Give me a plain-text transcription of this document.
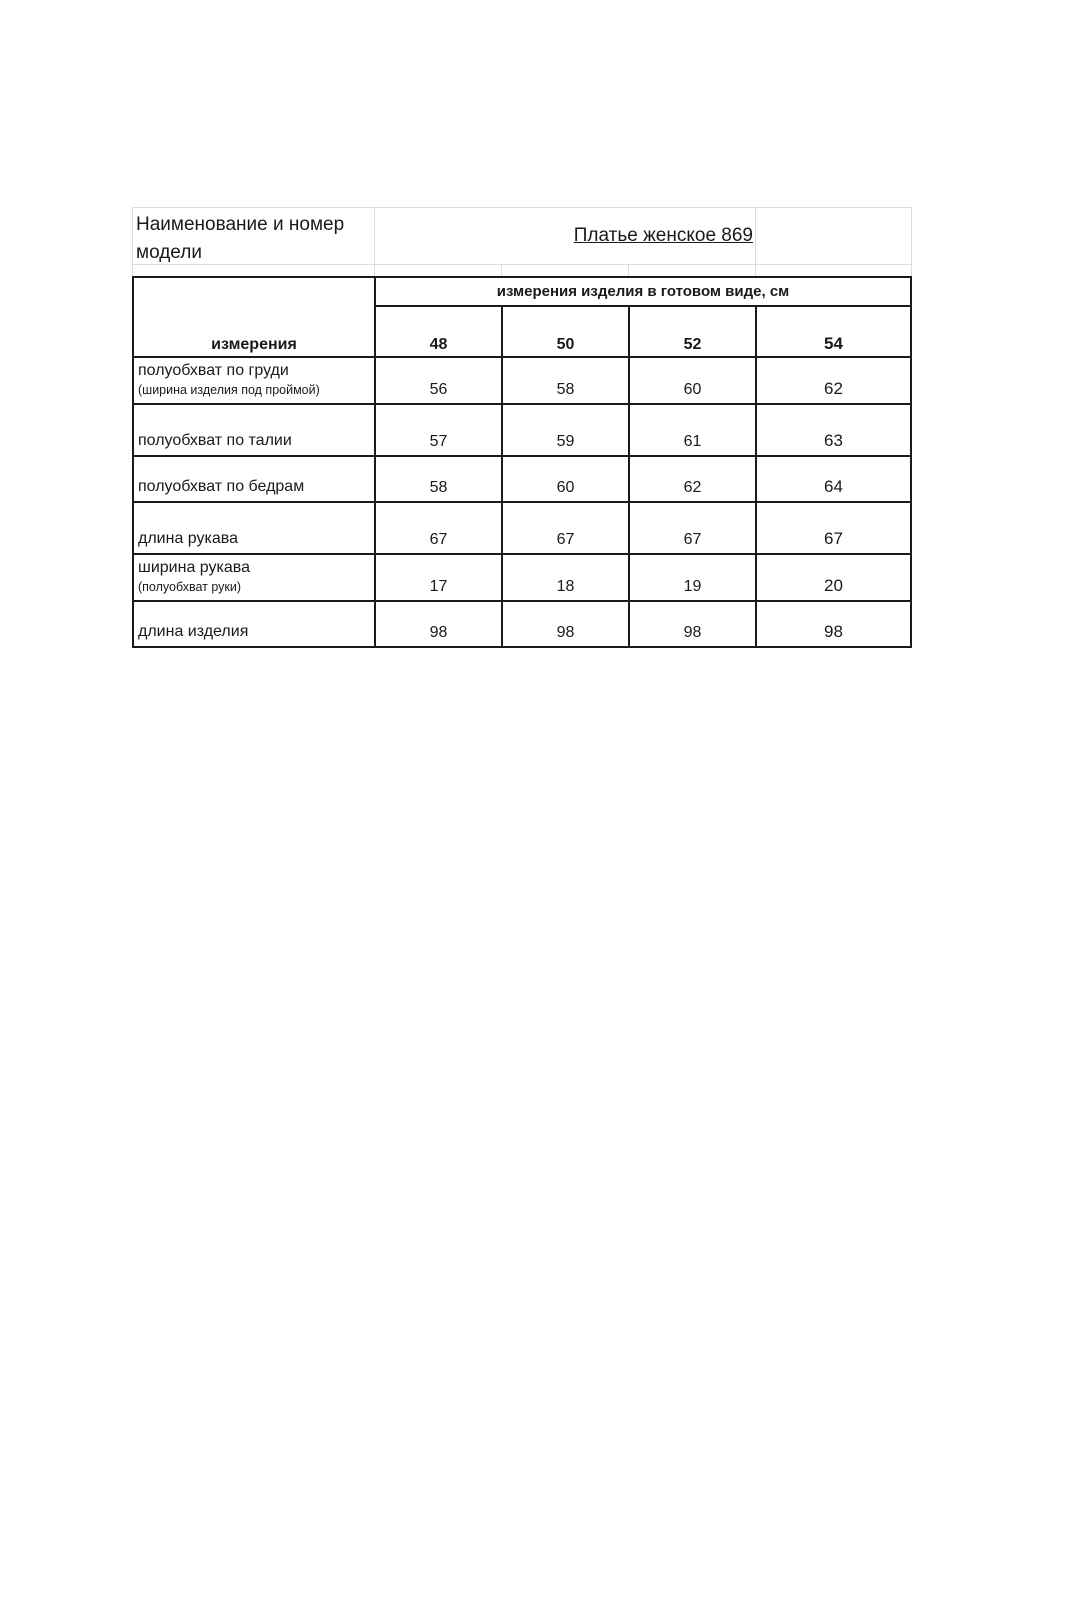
Наименование и номер модели
Платье женское 869
измерения изделия в готовом виде, см
измерения	48	50	52	54
полуобхват по груди
(ширина изделия под проймой)	56	58	60	62
полуобхват по талии	57	59	61	63
полуобхват по бедрам	58	60	62	64
длина рукава	67	67	67	67
ширина рукава
(полуобхват руки)	17	18	19	20
длина изделия	98	98	98	98
